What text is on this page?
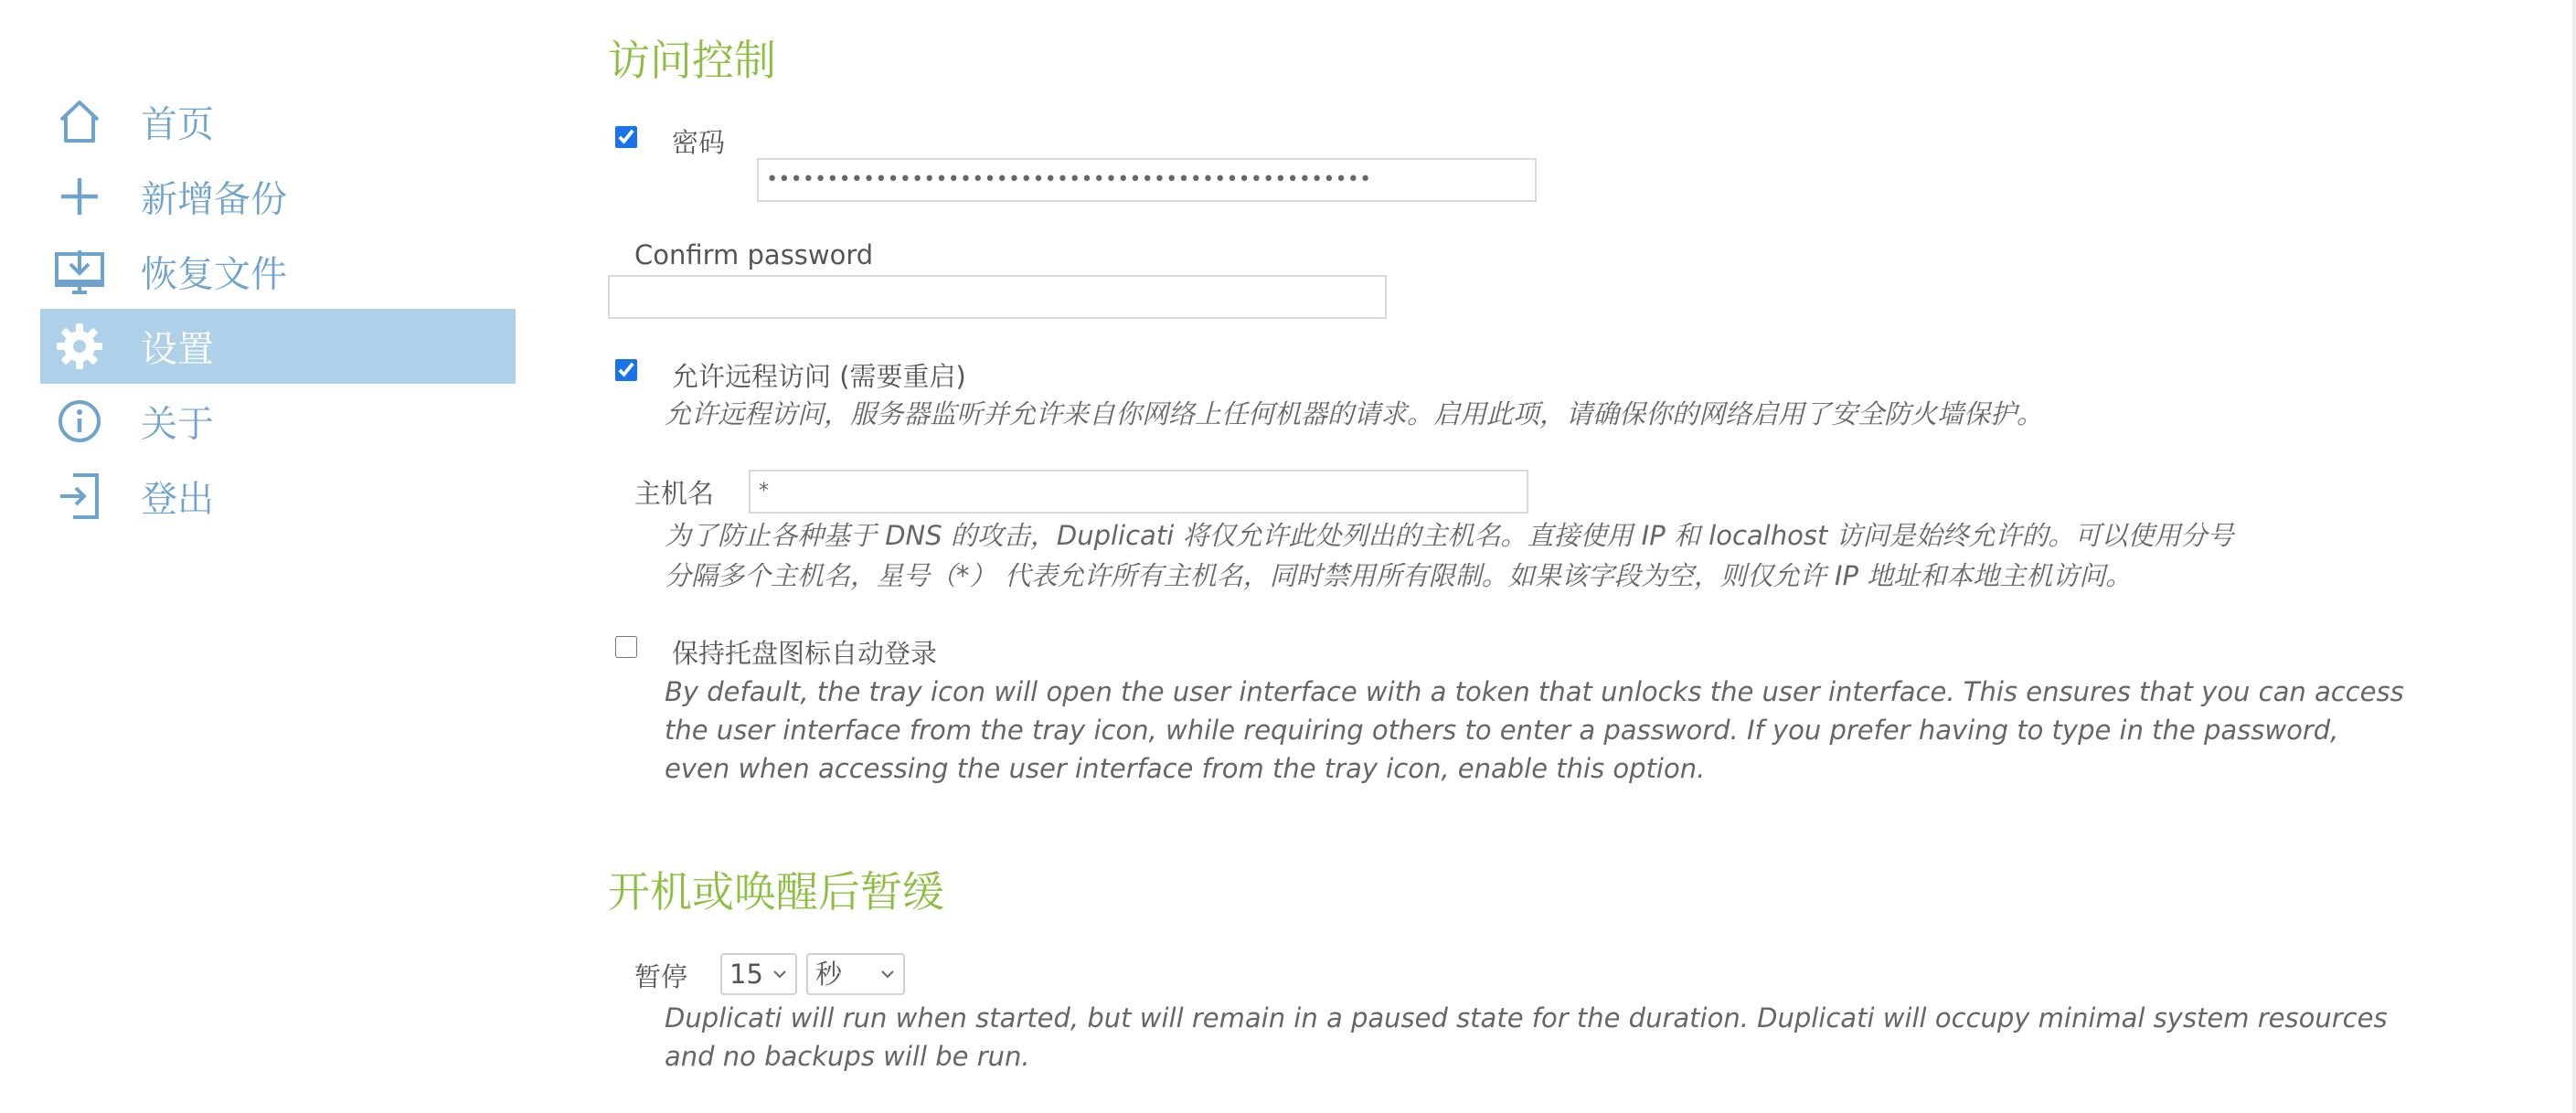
首页
新增备份
恢复文件
设置
关于
登出
访问控制
密码
••••••••••••••••••••••••••••••••••••••••••••••••••
Confirm password
允许远程访问 (需要重启)
允许远程访问，服务器监听并允许来自你网络上任何机器的请求。启用此项，请确保你的网络启用了安全防火墙保护。
主机名	*
为了防止各种基于 DNS 的攻击，Duplicati 将仅允许此处列出的主机名。直接使用 IP 和 localhost 访问是始终允许的。可以使用分号
分隔多个主机名，星号（*） 代表允许所有主机名，同时禁用所有限制。如果该字段为空，则仅允许 IP 地址和本地主机访问。
保持托盘图标自动登录
By default, the tray icon will open the user interface with a token that unlocks the user interface. This ensures that you can access
the user interface from the tray icon, while requiring others to enter a password. If you prefer having to type in the password,
even when accessing the user interface from the tray icon, enable this option.
开机或唤醒后暂缓
暂停	15	秒
Duplicati will run when started, but will remain in a paused state for the duration. Duplicati will occupy minimal system resources
and no backups will be run.
